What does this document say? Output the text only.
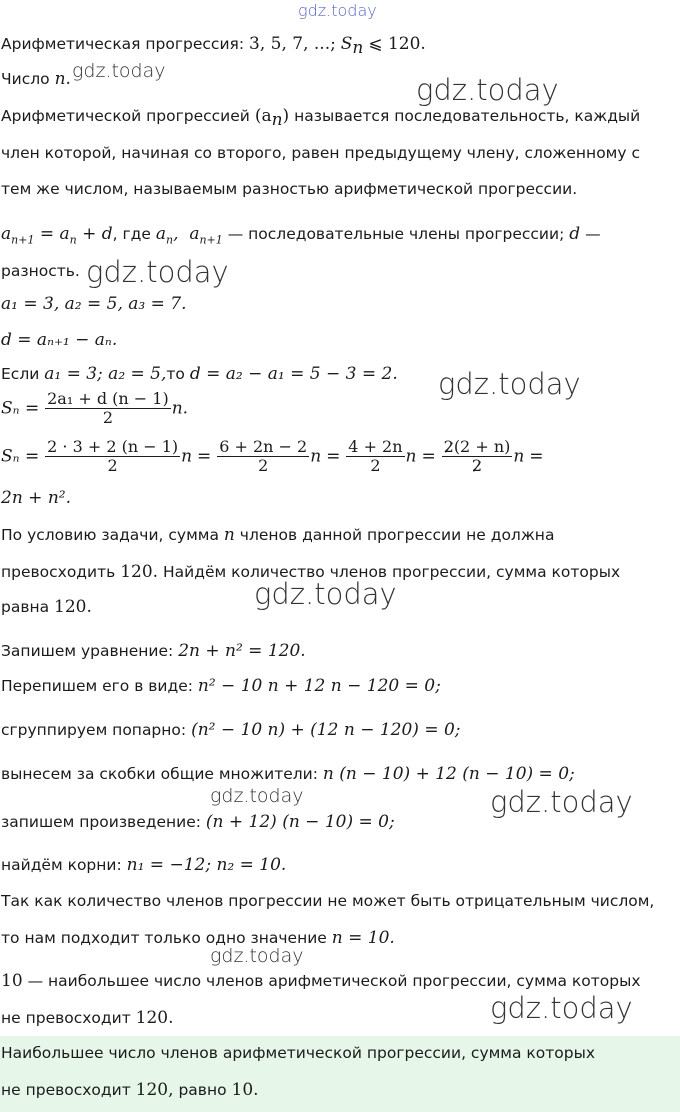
gdz.today
gdz.today
gdz.today
gdz.today
gdz.today
gdz.today
gdz.today	gdz.today
gdz.today
gdz.today
Арифметическая прогрессия: 3, 5, 7, ...; $S_n$ ⩽ 120.
Число n.
Арифметической прогрессией $(a_n)$ называется последовательность, каждый
член которой, начиная со второго, равен предыдущему члену, сложенному с
тем же числом, называемым разностью арифметической прогрессии.
$a_{n+1} = a_n + d$, где $a_n$,  $a_{n+1}$ — последовательные члены прогрессии; d —
разность.
a₁ = 3, a₂ = 5, a₃ = 7.
d = aₙ₊₁ − aₙ.
Если a₁ = 3; a₂ = 5,то d = a₂ − a₁ = 5 − 3 = 2.
$S_n = \frac{\text{2a₁ + d (n − 1)}}{2} n$.
$S_n = \frac{2 \cdot 3 + 2 (n - 1)}{2}$ $n = \frac{6 + 2n - 2}{2}$ $n = \frac{4 + 2n}{2}$ $n = \frac{2(2 + n)}{2}$ n =
2n + n².
По условию задачи, сумма n членов данной прогрессии не должна
превосходить 120. Найдём количество членов прогрессии, сумма которых
равна 120.
Запишем уравнение: 2n + n² = 120.
Перепишем его в виде: n² − 10 n + 12 n − 120 = 0;
сгруппируем попарно: (n² − 10 n) + (12 n − 120) = 0;
вынесем за скобки общие множители: n (n − 10) + 12 (n − 10) = 0;
запишем произведение: (n + 12) (n − 10) = 0;
найдём корни: n₁ = −12; n₂ = 10.
Так как количество членов прогрессии не может быть отрицательным числом,
то нам подходит только одно значение n = 10.
10 — наибольшее число членов арифметической прогрессии, сумма которых
не превосходит 120.
Наибольшее число членов арифметической прогрессии, сумма которых
не превосходит 120, равно 10.
